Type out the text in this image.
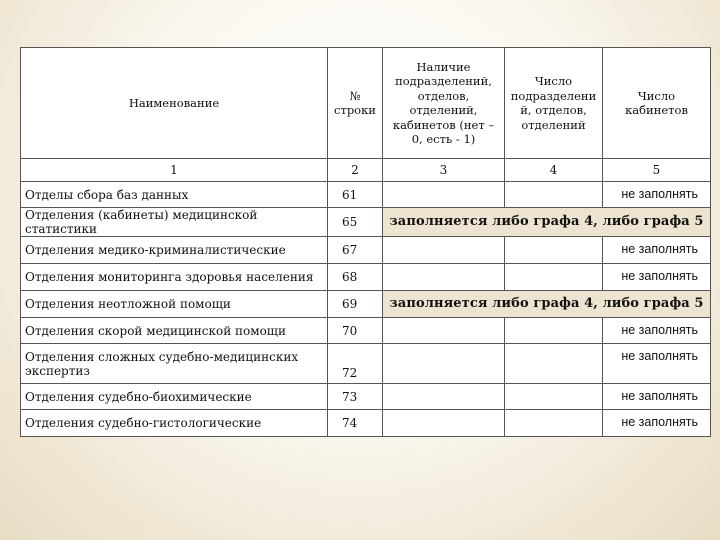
Наименование	№ строки	Наличие подразделений, отделов, отделений, кабинетов (нет – 0, есть - 1)	Число подразделени й, отделов, отделений	Число кабинетов
1	2	3	4	5
Отделы сбора баз данных	61			не заполнять
Отделения (кабинеты) медицинской статистики	65	заполняется либо графа 4, либо графа 5		
Отделения медико-криминалистические	67			не заполнять
Отделения мониторинга здоровья населения	68			не заполнять
Отделения неотложной помощи	69	заполняется либо графа 4, либо графа 5		
Отделения скорой медицинской помощи	70			не заполнять
Отделения сложных судебно-медицинских экспертиз	72			не заполнять
Отделения судебно-биохимические	73			не заполнять
Отделения судебно-гистологические	74			не заполнять
